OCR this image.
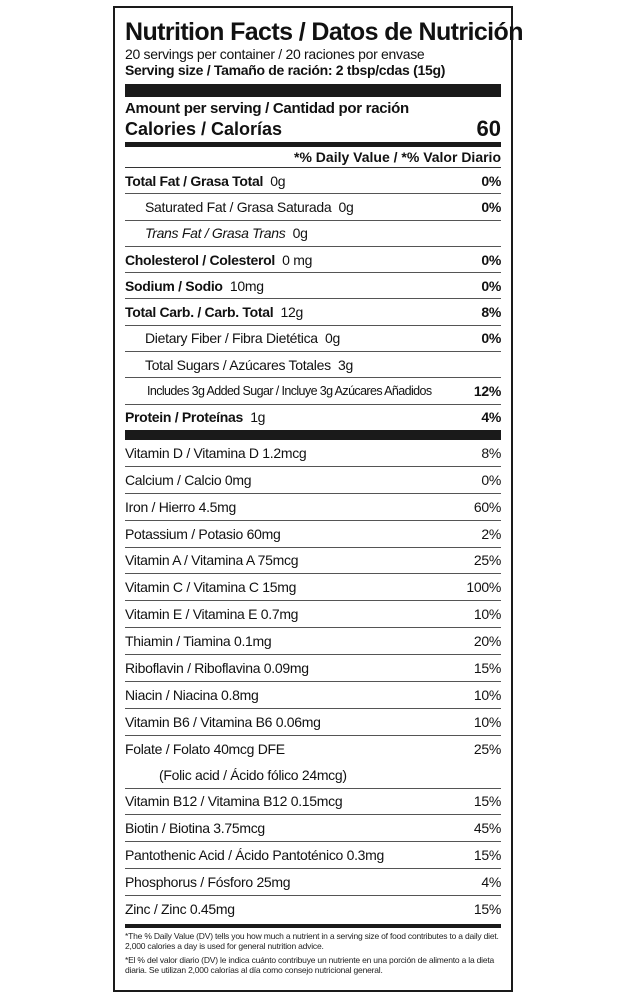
Nutrition Facts / Datos de Nutrición
20 servings per container / 20 raciones por envase
Serving size / Tamaño de ración: 2 tbsp/cdas (15g)
Amount per serving / Cantidad por ración
Calories / Calorías	60
*% Daily Value / *% Valor Diario
Total Fat / Grasa Total 0g	0%
Saturated Fat / Grasa Saturada 0g	0%
Trans Fat / Grasa Trans 0g
Cholesterol / Colesterol 0 mg	0%
Sodium / Sodio 10mg	0%
Total Carb. / Carb. Total 12g	8%
Dietary Fiber / Fibra Dietética 0g	0%
Total Sugars / Azúcares Totales 3g
Includes 3g Added Sugar / Incluye 3g Azúcares Añadidos	12%
Protein / Proteínas 1g	4%
Vitamin D / Vitamina D 1.2mcg	8%
Calcium / Calcio 0mg	0%
Iron / Hierro 4.5mg	60%
Potassium / Potasio 60mg	2%
Vitamin A / Vitamina A 75mcg	25%
Vitamin C / Vitamina C 15mg	100%
Vitamin E / Vitamina E 0.7mg	10%
Thiamin / Tiamina 0.1mg	20%
Riboflavin / Riboflavina 0.09mg	15%
Niacin / Niacina 0.8mg	10%
Vitamin B6 / Vitamina B6 0.06mg	10%
Folate / Folato 40mcg DFE	25%
(Folic acid / Ácido fólico 24mcg)
Vitamin B12 / Vitamina B12 0.15mcg	15%
Biotin / Biotina 3.75mcg	45%
Pantothenic Acid / Ácido Pantoténico 0.3mg	15%
Phosphorus / Fósforo 25mg	4%
Zinc / Zinc 0.45mg	15%

*The % Daily Value (DV) tells you how much a nutrient in a serving size of food contributes to a daily diet. 2,000 calories a day is used for general nutrition advice.

*El % del valor diario (DV) le indica cuánto contribuye un nutriente en una porción de alimento a la dieta diaria. Se utilizan 2,000 calorías al día como consejo nutricional general.
